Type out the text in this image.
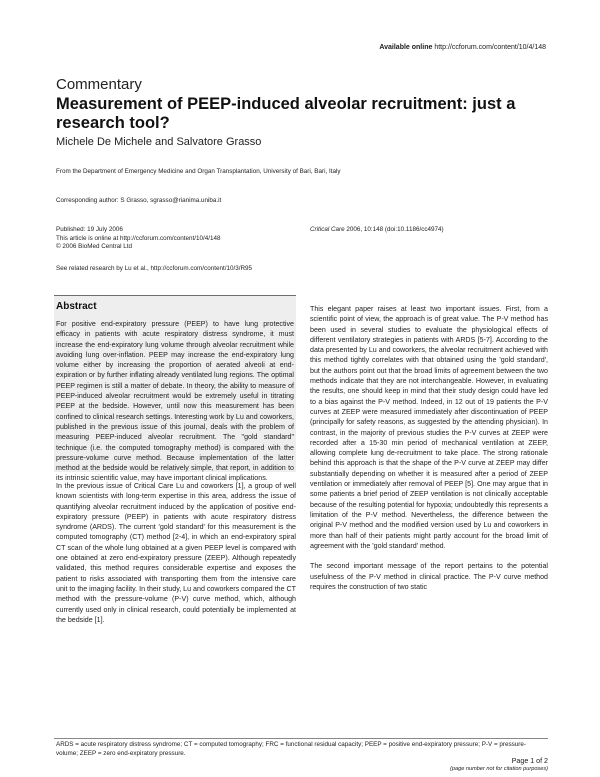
Available online http://ccforum.com/content/10/4/148
Commentary
Measurement of PEEP-induced alveolar recruitment: just a research tool?
Michele De Michele and Salvatore Grasso
From the Department of Emergency Medicine and Organ Transplantation, University of Bari, Bari, Italy
Corresponding author: S Grasso, sgrasso@rianima.uniba.it
Published: 19 July 2006
This article is online at http://ccforum.com/content/10/4/148
© 2006 BioMed Central Ltd
Critical Care 2006, 10:148 (doi:10.1186/cc4974)
See related research by Lu et al., http://ccforum.com/content/10/3/R95
Abstract
For positive end-expiratory pressure (PEEP) to have lung protective efficacy in patients with acute respiratory distress syndrome, it must increase the end-expiratory lung volume through alveolar recruitment while avoiding lung over-inflation. PEEP may increase the end-expiratory lung volume either by increasing the proportion of aerated alveoli at end-expiration or by further inflating already ventilated lung regions. The optimal PEEP regimen is still a matter of debate. In theory, the ability to measure of PEEP-induced alveolar recruitment would be extremely useful in titrating PEEP at the bedside. However, until now this measurement has been confined to clinical research settings. Interesting work by Lu and coworkers, published in the previous issue of this journal, deals with the problem of measuring PEEP-induced alveolar recruitment. The "gold standard" technique (i.e. the computed tomography method) is compared with the pressure-volume curve method. Because implementation of the latter method at the bedside would be relatively simple, that report, in addition to its intrinsic scientific value, may have important clinical implications.
In the previous issue of Critical Care Lu and coworkers [1], a group of well known scientists with long-term expertise in this area, address the issue of quantifying alveolar recruitment induced by the application of positive end-expiratory pressure (PEEP) in patients with acute respiratory distress syndrome (ARDS). The current 'gold standard' for this measurement is the computed tomography (CT) method [2-4], in which an end-expiratory spiral CT scan of the whole lung obtained at a given PEEP level is compared with one obtained at zero end-expiratory pressure (ZEEP). Although repeatedly validated, this method requires considerable expertise and exposes the patient to risks associated with transporting them from the intensive care unit to the imaging facility. In their study, Lu and coworkers compared the CT method with the pressure-volume (P-V) curve method, which, although currently used only in clinical research, could potentially be implemented at the bedside [1].

This elegant paper raises at least two important issues. First, from a scientific point of view, the approach is of great value. The P-V method has been used in several studies to evaluate the physiological effects of different ventilatory strategies in patients with ARDS [5-7]. According to the data presented by Lu and coworkers, the alveolar recruitment achieved with this method tightly correlates with that obtained using the 'gold standard', but the authors point out that the broad limits of agreement between the two methods indicate that they are not interchangeable. However, in evaluating the results, one should keep in mind that their study design could have led to a bias against the P-V method. Indeed, in 12 out of 19 patients the P-V curves at ZEEP were measured immediately after discontinuation of PEEP (principally for safety reasons, as suggested by the attending physician). In contrast, in the majority of previous studies the P-V curves at ZEEP were recorded after a 15-30 min period of mechanical ventilation at ZEEP, allowing complete lung de-recruitment to take place. The strong rationale behind this approach is that the shape of the P-V curve at ZEEP may differ substantially depending on whether it is measured after a period of ZEEP ventilation or immediately after removal of PEEP [5]. One may argue that in some patients a brief period of ZEEP ventilation is not clinically acceptable because of the resulting potential for hypoxia; undoubtedly this represents a limitation of the P-V method. Nevertheless, the difference between the original P-V method and the modified version used by Lu and coworkers in more than half of their patients might partly account for the broad limit of agreement with the 'gold standard' method.

The second important message of the report pertains to the potential usefulness of the P-V method in clinical practice. The P-V curve method requires the construction of two static

ARDS = acute respiratory distress syndrome; CT = computed tomography; FRC = functional residual capacity; PEEP = positive end-expiratory pressure; P-V = pressure-volume; ZEEP = zero end-expiratory pressure.
Page 1 of 2
(page number not for citation purposes)
